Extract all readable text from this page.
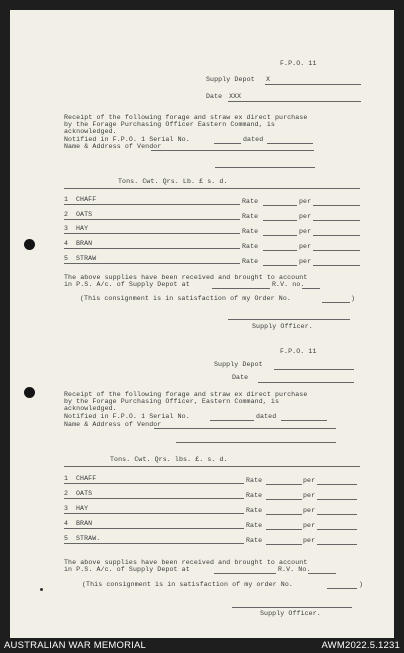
F.P.O. 11
Supply Depot X
Date XXX
Receipt of the following forage and straw ex direct purchase
by the Forage Purchasing Officer Eastern Command, is
acknowledged.
Notified in F.P.O. 1 Serial No.	dated
Name & Address of Vendor
Tons. Cwt. Qrs. Lb. £ s. d.
1 CHAFF	Rate	per
2 OATS	Rate	per
3 HAY	Rate	per
4 BRAN	Rate	per
5 STRAW	Rate	per
The above supplies have been received and brought to account
in P.S. A/c. of Supply Depot at	R.V. no.
(This consignment is in satisfaction of my Order No.	)
Supply Officer.
F.P.O. 11
Supply Depot
Date
Receipt of the following forage and straw ex direct purchase
by the Forage Purchasing Officer, Eastern Command, is
acknowledged.
Notified in F.P.O. 1 Serial No.	dated
Name & Address of Vendor
Tons. Cwt. Qrs. lbs. £. s. d.
1 CHAFF	Rate	per
2 OATS	Rate	per
3 HAY	Rate	per
4 BRAN	Rate	per
5 STRAW.	Rate	per
The above supplies have been received and brought to account
in P.S. A/c. of Supply Depot at	R.V. No.
(This consignment is in satisfaction of my order No.	)
Supply Officer.
AUSTRALIAN WAR MEMORIAL	AWM2022.5.1231
